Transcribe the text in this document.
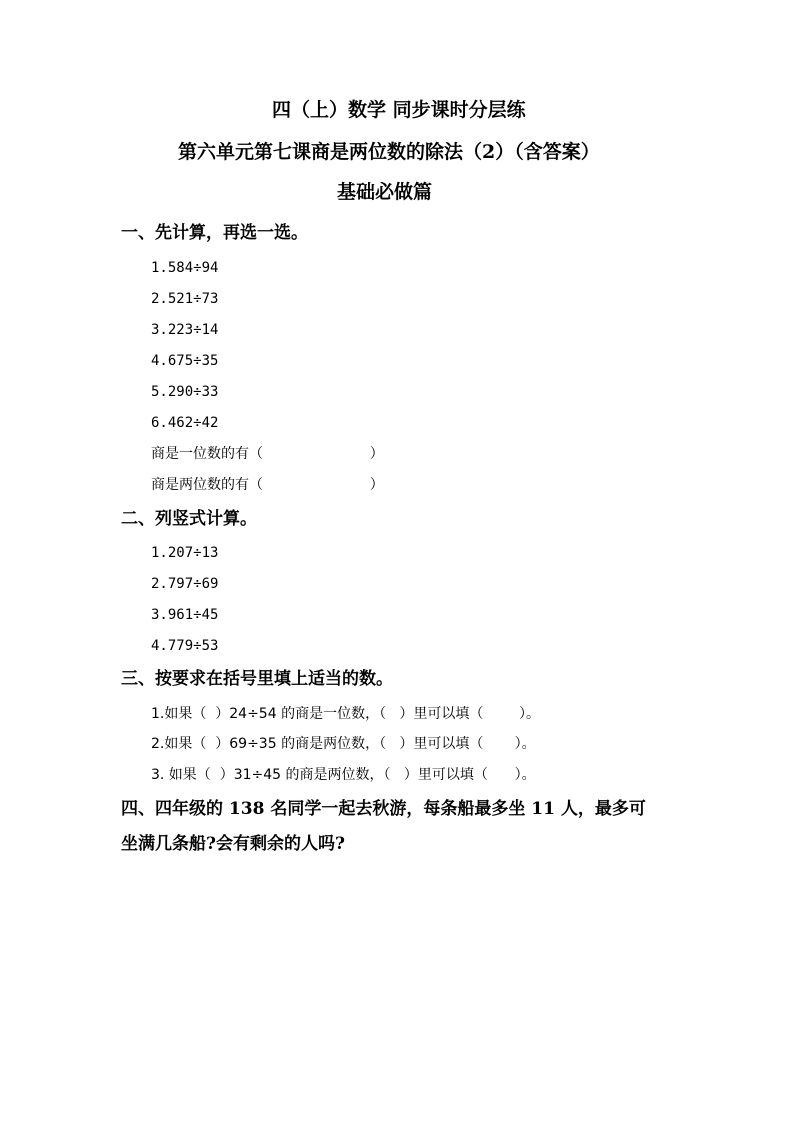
四（上）数学 同步课时分层练
第六单元第七课商是两位数的除法（2）（含答案）
基础必做篇
一、先计算，再选一选。
1.584÷94
2.521÷73
3.223÷14
4.675÷35
5.290÷33
6.462÷42
商是一位数的有（                        ）
商是两位数的有（                        ）
二、列竖式计算。
1.207÷13
2.797÷69
3.961÷45
4.779÷53
三、按要求在括号里填上适当的数。
1.如果（  ）24÷54 的商是一位数，（   ）里可以填（        ）。
2.如果（  ）69÷35 的商是两位数，（   ）里可以填（       ）。
3. 如果（  ）31÷45 的商是两位数，（   ）里可以填（      ）。
四、四年级的 138 名同学一起去秋游，每条船最多坐 11 人，最多可
坐满几条船?会有剩余的人吗?
